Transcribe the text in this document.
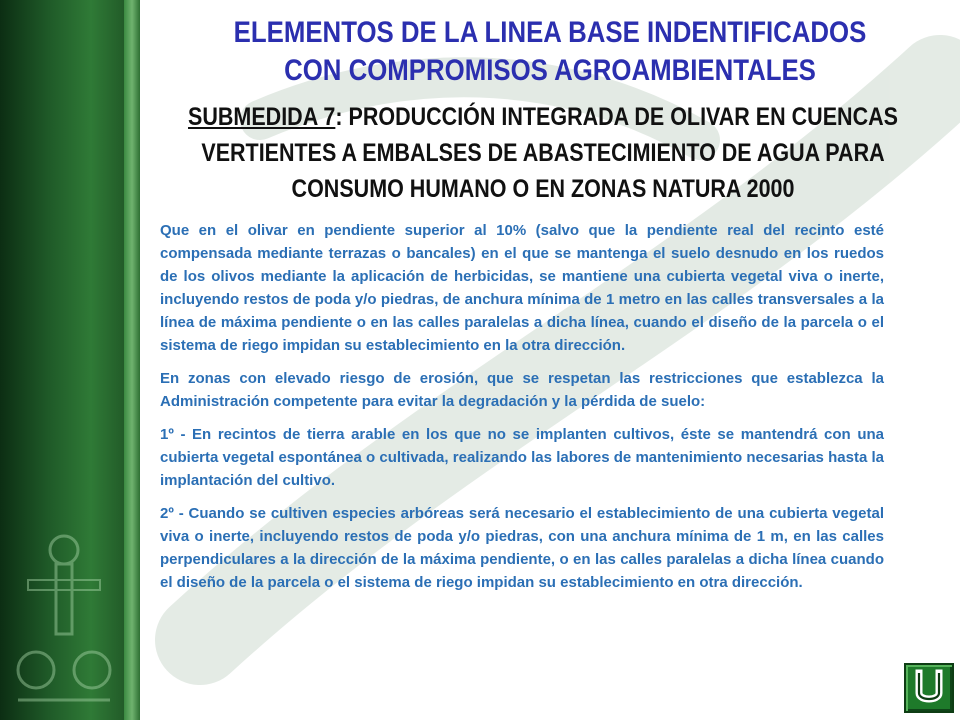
JUNTA DE ANDALUCIA Consejería de Agricultura, Pesca y Medio Ambiente Dirección General de Fondos Agrarios Subdirección de Gestión y Control Integrado de Ayudas
ELEMENTOS DE LA LINEA BASE INDENTIFICADOS
CON COMPROMISOS AGROAMBIENTALES
SUBMEDIDA 7: PRODUCCIÓN INTEGRADA DE OLIVAR EN CUENCAS VERTIENTES A EMBALSES DE ABASTECIMIENTO DE AGUA PARA CONSUMO HUMANO O EN ZONAS NATURA 2000

Que en el olivar en pendiente superior al 10% (salvo que la pendiente real del recinto esté compensada mediante terrazas o bancales) en el que se mantenga el suelo desnudo en los ruedos de los olivos mediante la aplicación de herbicidas, se mantiene una cubierta vegetal viva o inerte, incluyendo restos de poda y/o piedras, de anchura mínima de 1 metro en las calles transversales a la línea de máxima pendiente o en las calles paralelas a dicha línea, cuando el diseño de la parcela o el sistema de riego impidan su establecimiento en la otra dirección.

En zonas con elevado riesgo de erosión, que se respetan las restricciones que establezca la Administración competente para evitar la degradación y la pérdida de suelo:

1º - En recintos de tierra arable en los que no se implanten cultivos, éste se mantendrá con una cubierta vegetal espontánea o cultivada, realizando las labores de mantenimiento necesarias hasta la implantación del cultivo.

2º - Cuando se cultiven especies arbóreas será necesario el establecimiento de una cubierta vegetal viva o inerte, incluyendo restos de poda y/o piedras, con una anchura mínima de 1 m, en las calles perpendiculares a la dirección de la máxima pendiente, o en las calles paralelas a dicha línea cuando el diseño de la parcela o el sistema de riego impidan su establecimiento en otra dirección.
